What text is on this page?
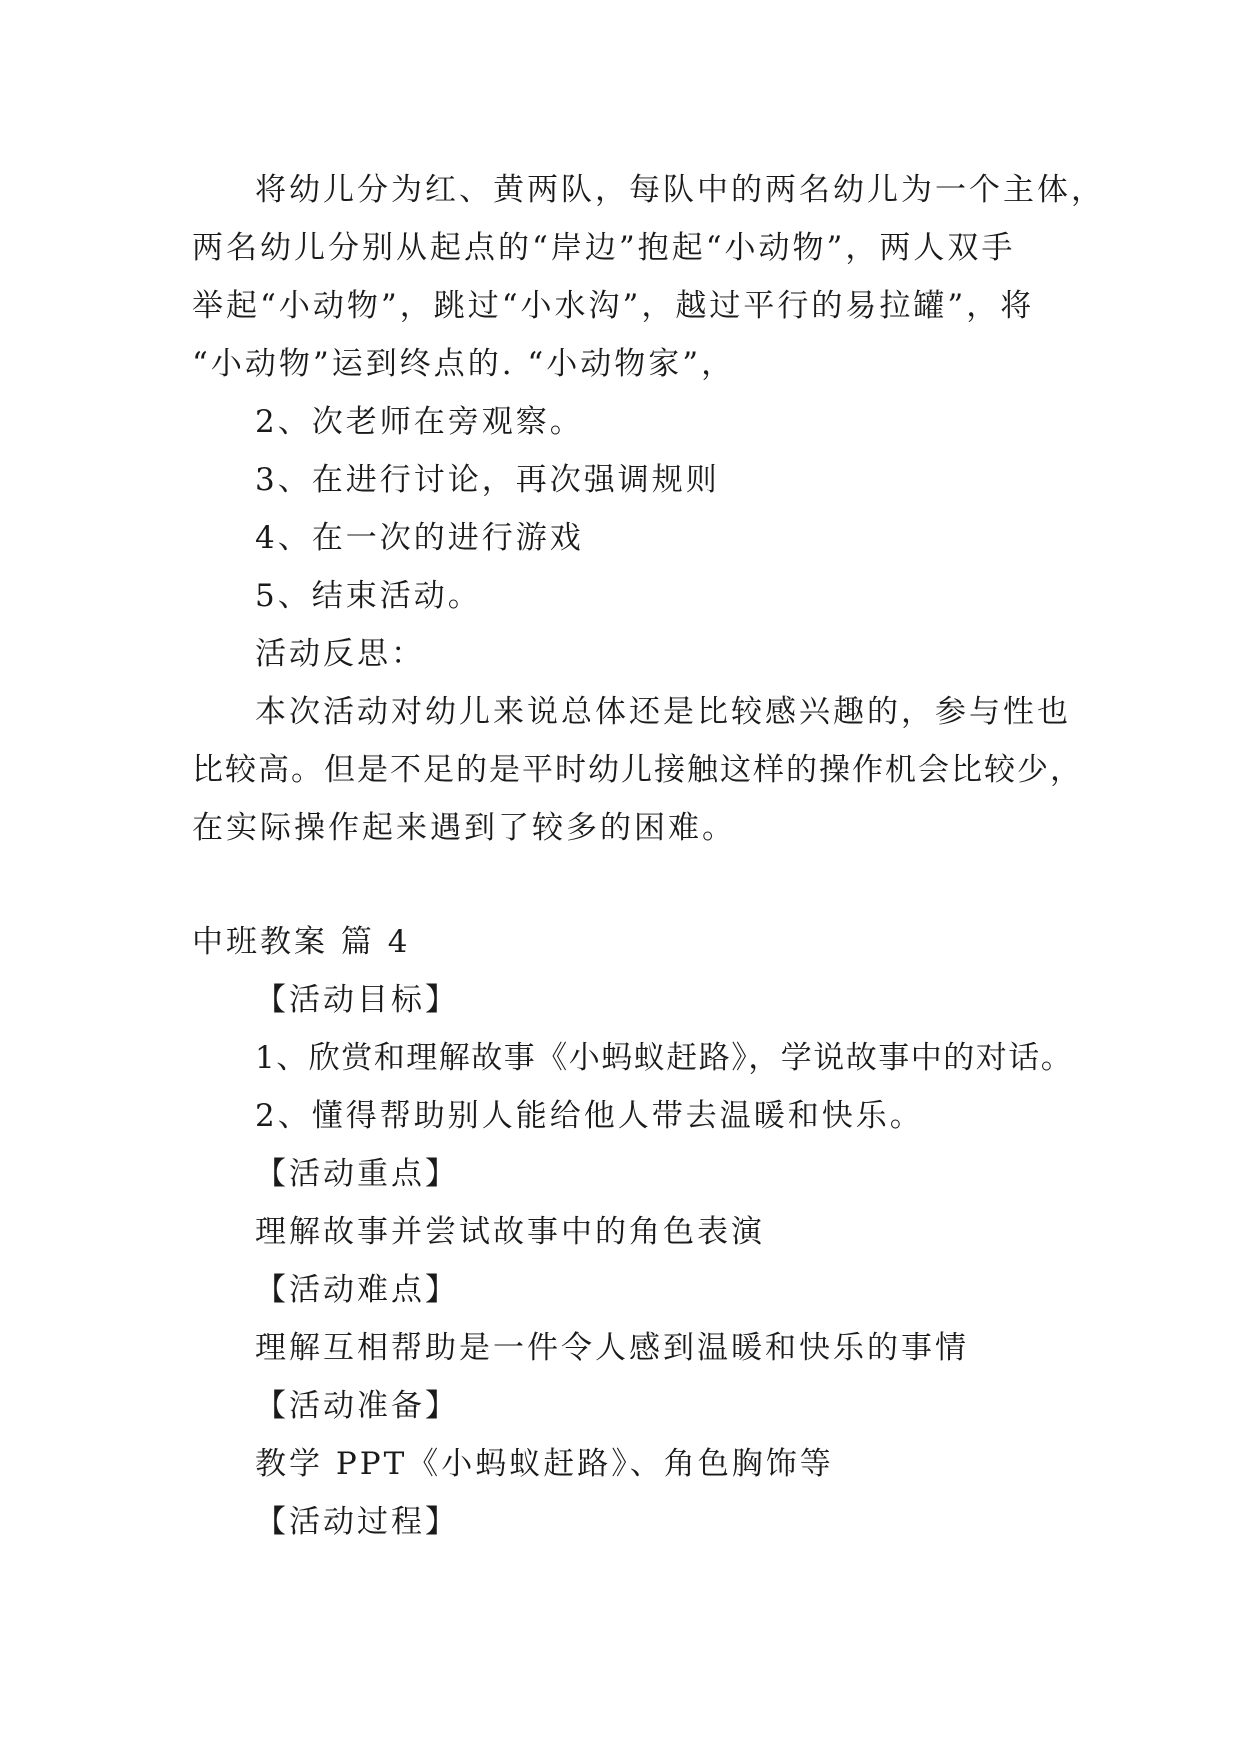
将幼儿分为红、黄两队，每队中的两名幼儿为一个主体，
两名幼儿分别从起点的“岸边”抱起“小动物”，两人双手
举起“小动物”，跳过“小水沟”，越过平行的易拉罐”，将
“小动物”运到终点的. “小动物家”，
2、次老师在旁观察。
3、在进行讨论，再次强调规则
4、在一次的进行游戏
5、结束活动。
活动反思：
本次活动对幼儿来说总体还是比较感兴趣的，参与性也
比较高。但是不足的是平时幼儿接触这样的操作机会比较少，
在实际操作起来遇到了较多的困难。
中班教案 篇 4
【活动目标】
1、欣赏和理解故事《小蚂蚁赶路》，学说故事中的对话。
2、懂得帮助别人能给他人带去温暖和快乐。
【活动重点】
理解故事并尝试故事中的角色表演
【活动难点】
理解互相帮助是一件令人感到温暖和快乐的事情
【活动准备】
教学 PPT《小蚂蚁赶路》、角色胸饰等
【活动过程】
